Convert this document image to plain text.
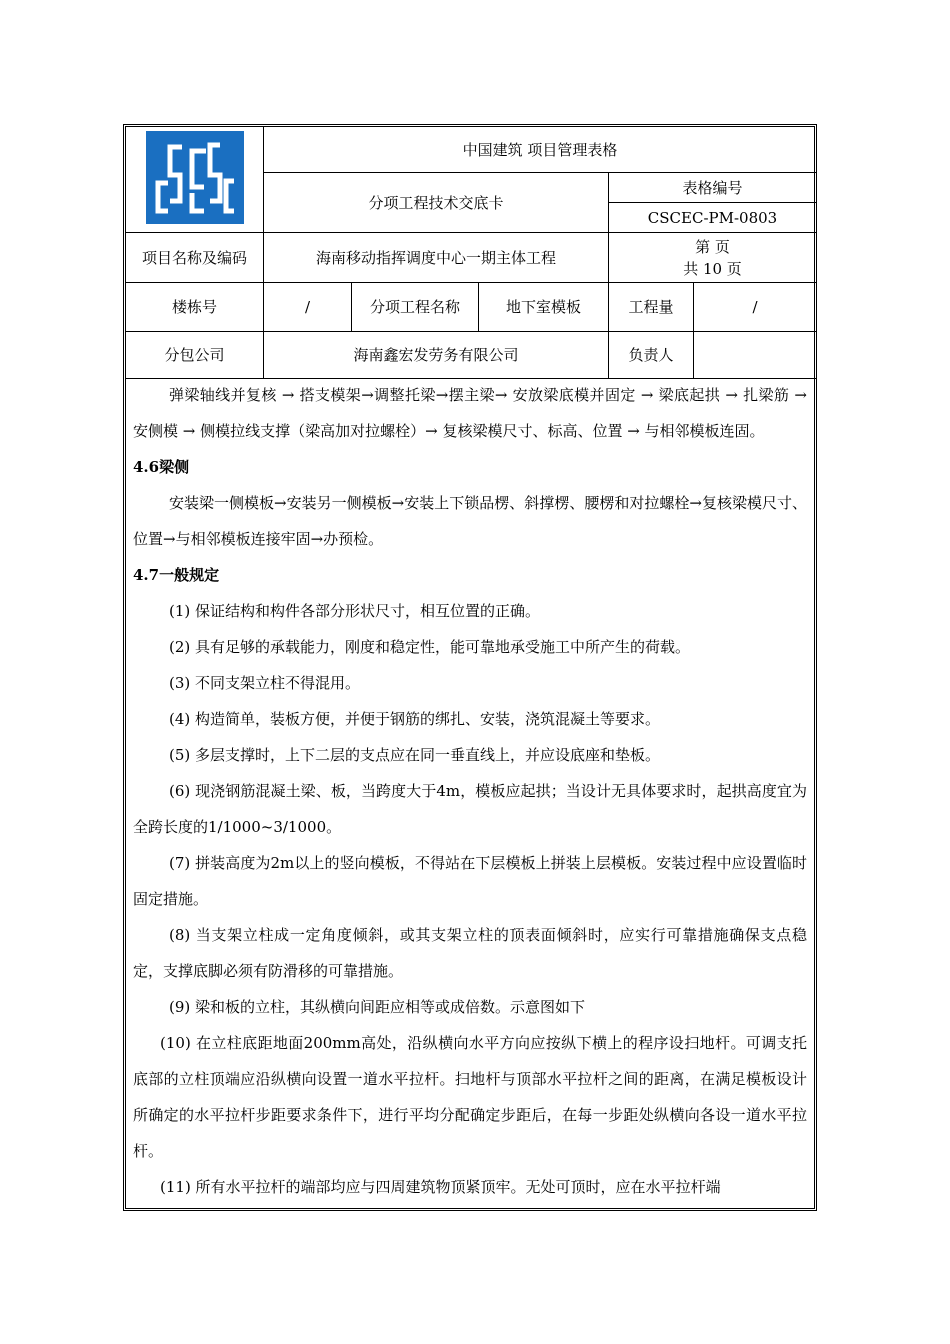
中国建筑 项目管理表格
分项工程技术交底卡
表格编号
CSCEC-PM-0803
项目名称及编码	海南移动指挥调度中心一期主体工程
第 页
共 10 页
楼栋号	/	分项工程名称	地下室模板	工程量	/
分包公司	海南鑫宏发劳务有限公司	负责人

弹梁轴线并复核 → 搭支模架→调整托梁→摆主梁→ 安放梁底模并固定 → 梁底起拱 → 扎梁筋 → 安侧模 → 侧模拉线支撑（梁高加对拉螺栓）→ 复核梁模尺寸、标高、位置 → 与相邻模板连固。

4.6梁侧

安装梁一侧模板→安装另一侧模板→安装上下锁品楞、斜撑楞、腰楞和对拉螺栓→复核梁模尺寸、位置→与相邻模板连接牢固→办预检。

4.7一般规定

(1) 保证结构和构件各部分形状尺寸，相互位置的正确。

(2) 具有足够的承载能力，刚度和稳定性，能可靠地承受施工中所产生的荷载。

(3) 不同支架立柱不得混用。

(4) 构造简单，装板方便，并便于钢筋的绑扎、安装，浇筑混凝土等要求。

(5) 多层支撑时，上下二层的支点应在同一垂直线上，并应设底座和垫板。

(6) 现浇钢筋混凝土梁、板，当跨度大于4m，模板应起拱；当设计无具体要求时，起拱高度宜为全跨长度的1/1000~3/1000。

(7) 拼装高度为2m以上的竖向模板，不得站在下层模板上拼装上层模板。安装过程中应设置临时固定措施。

(8) 当支架立柱成一定角度倾斜，或其支架立柱的顶表面倾斜时，应实行可靠措施确保支点稳定，支撑底脚必须有防滑移的可靠措施。

(9) 梁和板的立柱，其纵横向间距应相等或成倍数。示意图如下

(10) 在立柱底距地面200mm高处，沿纵横向水平方向应按纵下横上的程序设扫地杆。可调支托底部的立柱顶端应沿纵横向设置一道水平拉杆。扫地杆与顶部水平拉杆之间的距离，在满足模板设计所确定的水平拉杆步距要求条件下，进行平均分配确定步距后，在每一步距处纵横向各设一道水平拉杆。

(11) 所有水平拉杆的端部均应与四周建筑物顶紧顶牢。无处可顶时，应在水平拉杆端
